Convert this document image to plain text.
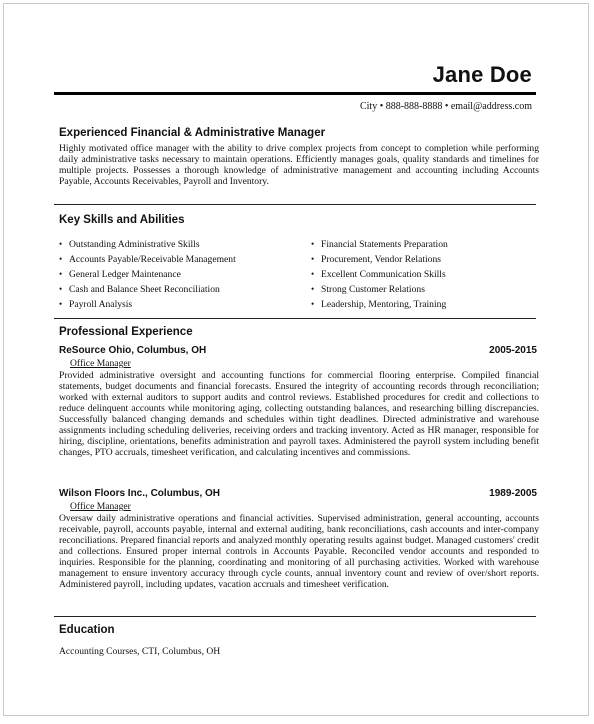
Jane Doe
City • 888-888-8888 • email@address.com
Experienced Financial & Administrative Manager
Highly motivated office manager with the ability to drive complex projects from concept to completion while performing daily administrative tasks necessary to maintain operations. Efficiently manages goals, quality standards and timelines for multiple projects. Possesses a thorough knowledge of administrative management and accounting including Accounts Payable, Accounts Receivables, Payroll and Inventory.
Key Skills and Abilities
• Outstanding Administrative Skills	• Financial Statements Preparation
• Accounts Payable/Receivable Management	• Procurement, Vendor Relations
• General Ledger Maintenance	• Excellent Communication Skills
• Cash and Balance Sheet Reconciliation	• Strong Customer Relations
• Payroll Analysis	• Leadership, Mentoring, Training
Professional Experience
ReSource Ohio, Columbus, OH	2005-2015
Office Manager
Provided administrative oversight and accounting functions for commercial flooring enterprise. Compiled financial statements, budget documents and financial forecasts. Ensured the integrity of accounting records through reconciliation; worked with external auditors to support audits and control reviews. Established procedures for credit and collections to reduce delinquent accounts while monitoring aging, collecting outstanding balances, and researching billing discrepancies. Successfully balanced changing demands and schedules within tight deadlines. Directed administrative and warehouse assignments including scheduling deliveries, receiving orders and tracking inventory. Acted as HR manager, responsible for hiring, discipline, orientations, benefits administration and payroll taxes. Administered the payroll system including benefit changes, PTO accruals, timesheet verification, and calculating incentives and commissions.
Wilson Floors Inc., Columbus, OH	1989-2005
Office Manager
Oversaw daily administrative operations and financial activities. Supervised administration, general accounting, accounts receivable, payroll, accounts payable, internal and external auditing, bank reconciliations, cash accounts and inter-company reconciliations. Prepared financial reports and analyzed monthly operating results against budget. Managed customers' credit and collections. Ensured proper internal controls in Accounts Payable. Reconciled vendor accounts and responded to inquiries. Responsible for the planning, coordinating and monitoring of all purchasing activities. Worked with warehouse management to ensure inventory accuracy through cycle counts, annual inventory count and review of over/short reports. Administered payroll, including updates, vacation accruals and timesheet verification.
Education
Accounting Courses, CTI, Columbus, OH
